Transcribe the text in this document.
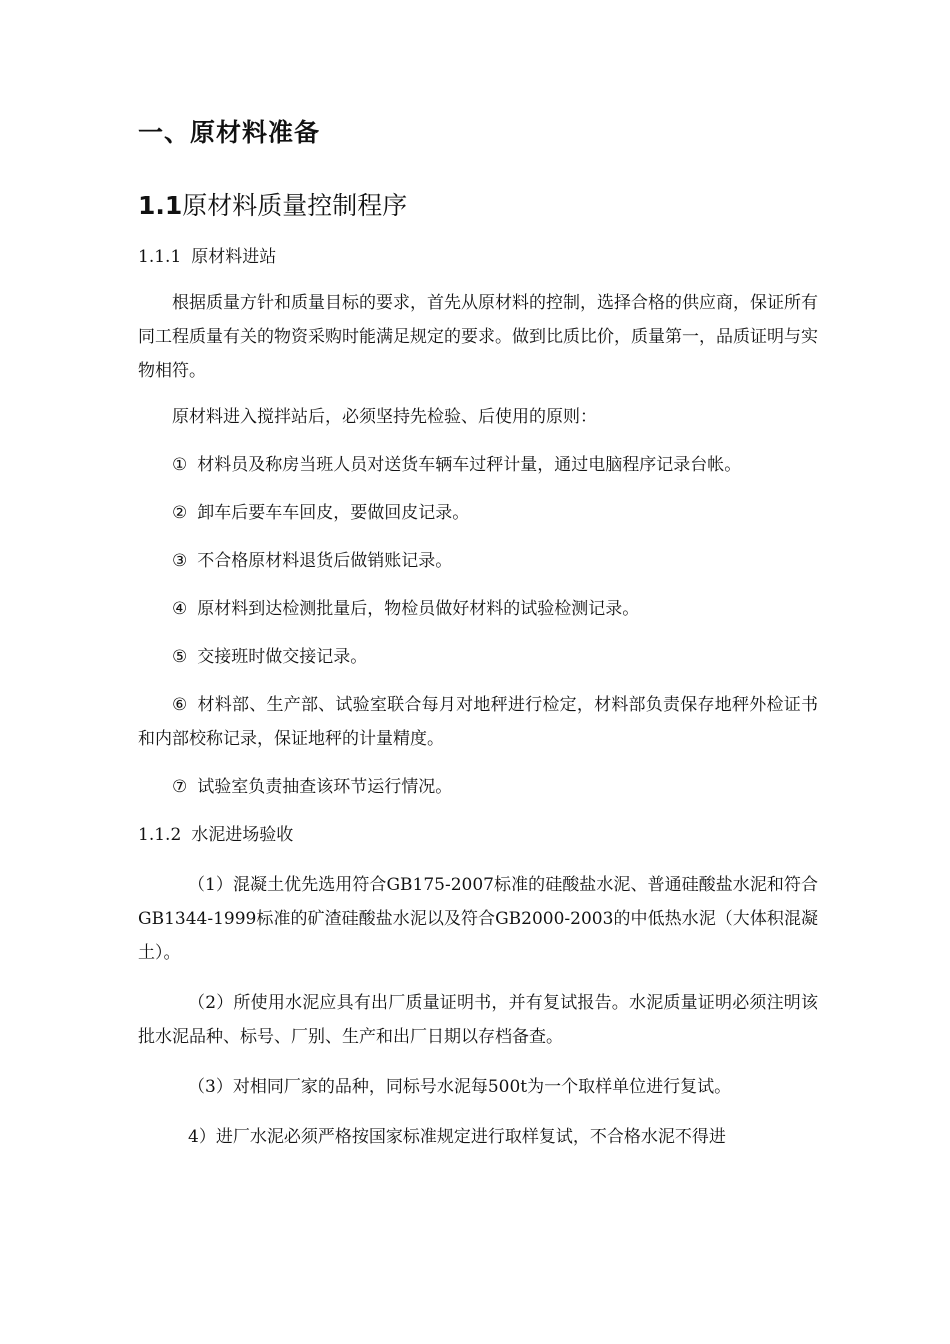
一、原材料准备
1.1原材料质量控制程序
1.1.1 原材料进站

根据质量方针和质量目标的要求，首先从原材料的控制，选择合格的供应商，保证所有同工程质量有关的物资采购时能满足规定的要求。做到比质比价，质量第一，品质证明与实物相符。

原材料进入搅拌站后，必须坚持先检验、后使用的原则：

① 材料员及称房当班人员对送货车辆车过秤计量，通过电脑程序记录台帐。
② 卸车后要车车回皮，要做回皮记录。
③ 不合格原材料退货后做销账记录。
④ 原材料到达检测批量后，物检员做好材料的试验检测记录。
⑤ 交接班时做交接记录。
⑥ 材料部、生产部、试验室联合每月对地秤进行检定，材料部负责保存地秤外检证书和内部校称记录，保证地秤的计量精度。
⑦ 试验室负责抽查该环节运行情况。
1.1.2 水泥进场验收

（1）混凝土优先选用符合GB175-2007标准的硅酸盐水泥、普通硅酸盐水泥和符合GB1344-1999标准的矿渣硅酸盐水泥以及符合GB2000-2003的中低热水泥（大体积混凝土）。

（2）所使用水泥应具有出厂质量证明书，并有复试报告。水泥质量证明必须注明该批水泥品种、标号、厂别、生产和出厂日期以存档备查。

（3）对相同厂家的品种，同标号水泥每500t为一个取样单位进行复试。

4）进厂水泥必须严格按国家标准规定进行取样复试，不合格水泥不得进
